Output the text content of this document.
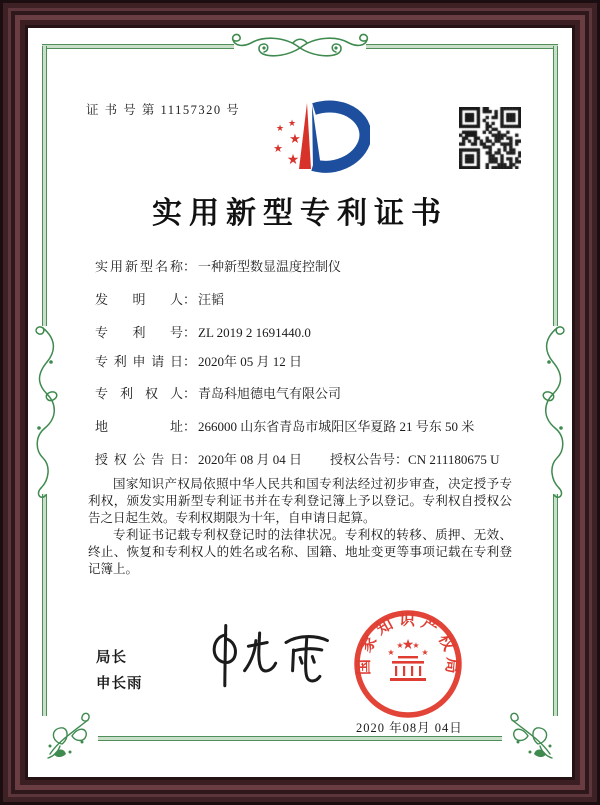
证 书 号 第 11157320 号
★ ★
★
★
★
实用新型专利证书
实用新型名称： 一种新型数显温度控制仪
发明人： 汪韬
专利号： ZL 2019 2 1691440.0
专利申请日： 2020年 05 月 12 日
专利权人： 青岛科旭德电气有限公司
地址： 266000 山东省青岛市城阳区华夏路 21 号东 50 米
授权公告日： 2020年 08 月 04 日 授权公告号：CN 211180675 U

国家知识产权局依照中华人民共和国专利法经过初步审查，决定授予专利权，颁发实用新型专利证书并在专利登记簿上予以登记。专利权自授权公告之日起生效。专利权期限为十年，自申请日起算。

专利证书记载专利权登记时的法律状况。专利权的转移、质押、无效、终止、恢复和专利权人的姓名或名称、国籍、地址变更等事项记载在专利登记簿上。

局长
申长雨
2020 年08月 04日
国家知识产权局
★
★
★ ★
★
